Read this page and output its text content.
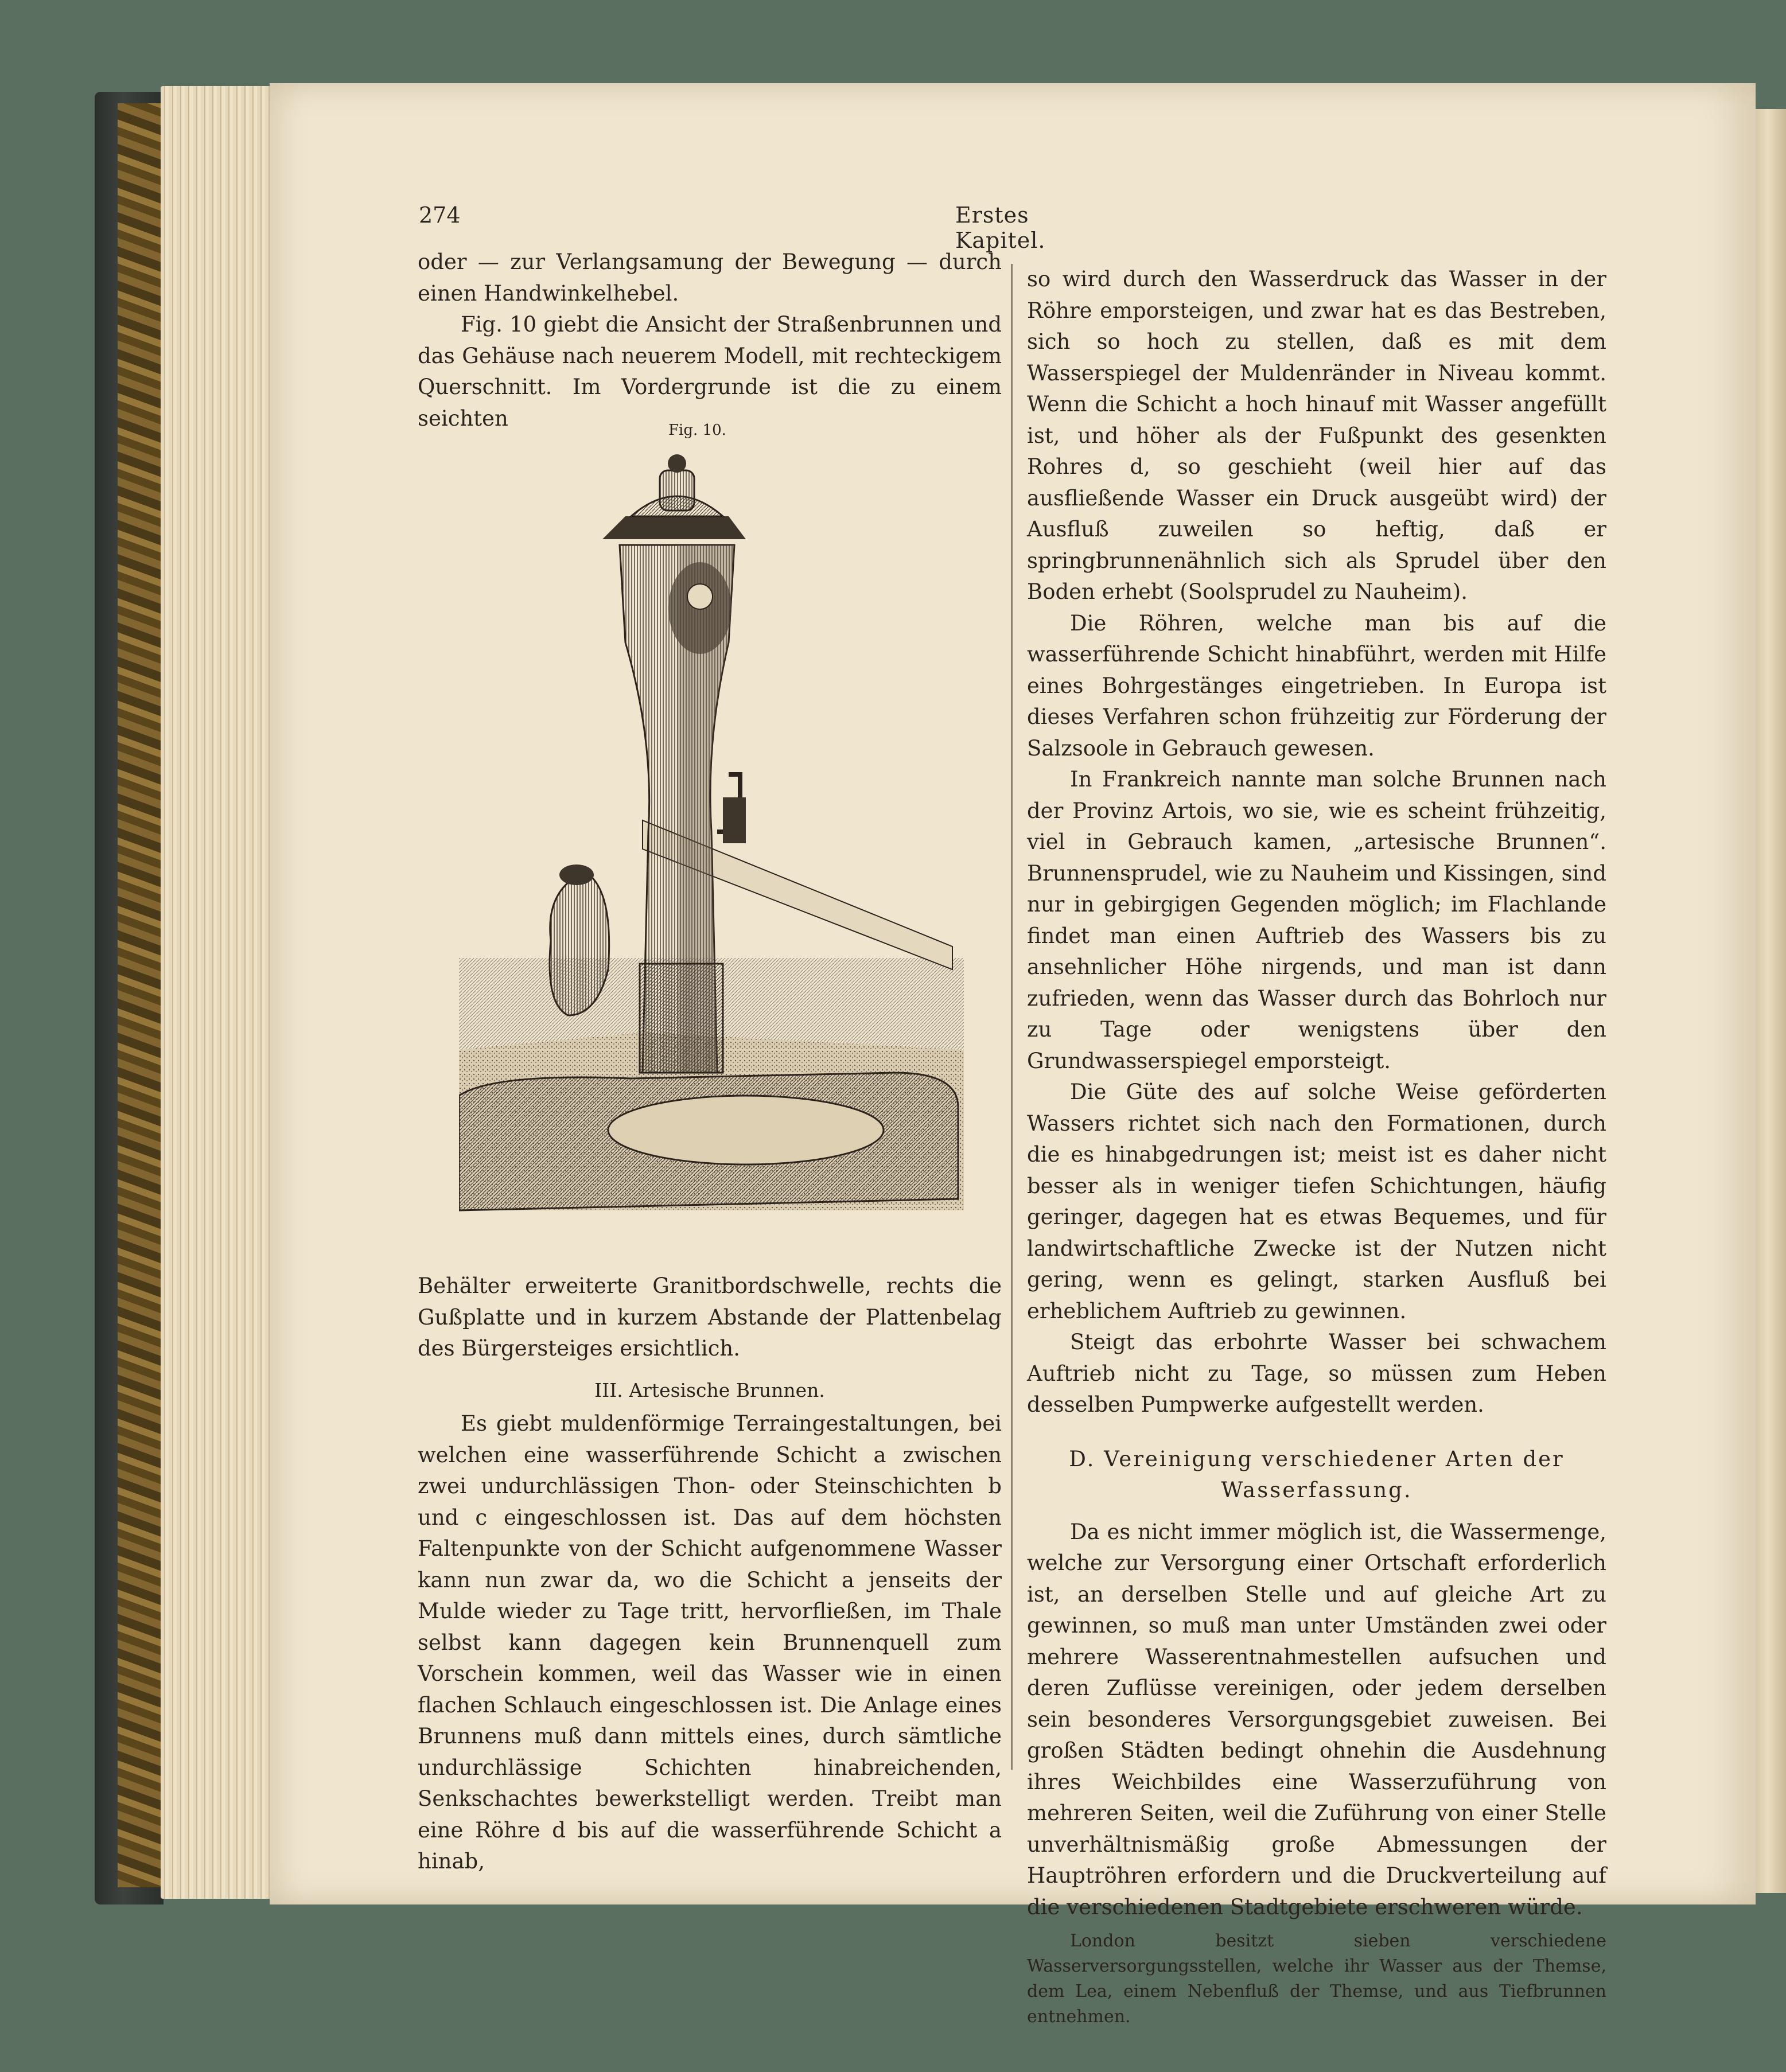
274	Erstes Kapitel.

oder — zur Verlangsamung der Bewegung — durch einen Handwinkelhebel.

Fig. 10 giebt die Ansicht der Straßenbrunnen und das Gehäuse nach neuerem Modell, mit rechteckigem Querschnitt. Im Vordergrunde ist die zu einem seichten	Fig. 10.

Behälter erweiterte Granitbordschwelle, rechts die Gußplatte und in kurzem Abstande der Plattenbelag des Bürgersteiges ersichtlich.

III. Artesische Brunnen.

Es giebt muldenförmige Terraingestaltungen, bei welchen eine wasserführende Schicht a zwischen zwei undurchlässigen Thon- oder Steinschichten b und c eingeschlossen ist. Das auf dem höchsten Faltenpunkte von der Schicht aufgenommene Wasser kann nun zwar da, wo die Schicht a jenseits der Mulde wieder zu Tage tritt, hervorfließen, im Thale selbst kann dagegen kein Brunnenquell zum Vorschein kommen, weil das Wasser wie in einen flachen Schlauch eingeschlossen ist. Die Anlage eines Brunnens muß dann mittels eines, durch sämtliche undurchlässige Schichten hinabreichenden, Senkschachtes bewerkstelligt werden. Treibt man eine Röhre d bis auf die wasserführende Schicht a hinab,

so wird durch den Wasserdruck das Wasser in der Röhre emporsteigen, und zwar hat es das Bestreben, sich so hoch zu stellen, daß es mit dem Wasserspiegel der Muldenränder in Niveau kommt. Wenn die Schicht a hoch hinauf mit Wasser angefüllt ist, und höher als der Fußpunkt des gesenkten Rohres d, so geschieht (weil hier auf das ausfließende Wasser ein Druck ausgeübt wird) der Ausfluß zuweilen so heftig, daß er springbrunnenähnlich sich als Sprudel über den Boden erhebt (Soolsprudel zu Nauheim).

Die Röhren, welche man bis auf die wasserführende Schicht hinabführt, werden mit Hilfe eines Bohrgestänges eingetrieben. In Europa ist dieses Verfahren schon frühzeitig zur Förderung der Salzsoole in Gebrauch gewesen.

In Frankreich nannte man solche Brunnen nach der Provinz Artois, wo sie, wie es scheint frühzeitig, viel in Gebrauch kamen, „artesische Brunnen“. Brunnensprudel, wie zu Nauheim und Kissingen, sind nur in gebirgigen Gegenden möglich; im Flachlande findet man einen Auftrieb des Wassers bis zu ansehnlicher Höhe nirgends, und man ist dann zufrieden, wenn das Wasser durch das Bohrloch nur zu Tage oder wenigstens über den Grundwasserspiegel emporsteigt.

Die Güte des auf solche Weise geförderten Wassers richtet sich nach den Formationen, durch die es hinabgedrungen ist; meist ist es daher nicht besser als in weniger tiefen Schichtungen, häufig geringer, dagegen hat es etwas Bequemes, und für landwirtschaftliche Zwecke ist der Nutzen nicht gering, wenn es gelingt, starken Ausfluß bei erheblichem Auftrieb zu gewinnen.

Steigt das erbohrte Wasser bei schwachem Auftrieb nicht zu Tage, so müssen zum Heben desselben Pumpwerke aufgestellt werden.

D. Vereinigung verschiedener Arten der Wasserfassung.

Da es nicht immer möglich ist, die Wassermenge, welche zur Versorgung einer Ortschaft erforderlich ist, an derselben Stelle und auf gleiche Art zu gewinnen, so muß man unter Umständen zwei oder mehrere Wasserentnahmestellen aufsuchen und deren Zuflüsse vereinigen, oder jedem derselben sein besonderes Versorgungsgebiet zuweisen. Bei großen Städten bedingt ohnehin die Ausdehnung ihres Weichbildes eine Wasserzuführung von mehreren Seiten, weil die Zuführung von einer Stelle unverhältnismäßig große Abmessungen der Hauptröhren erfordern und die Druckverteilung auf die verschiedenen Stadtgebiete erschweren würde.

London besitzt sieben verschiedene Wasserversorgungsstellen, welche ihr Wasser aus der Themse, dem Lea, einem Nebenfluß der Themse, und aus Tiefbrunnen entnehmen.
